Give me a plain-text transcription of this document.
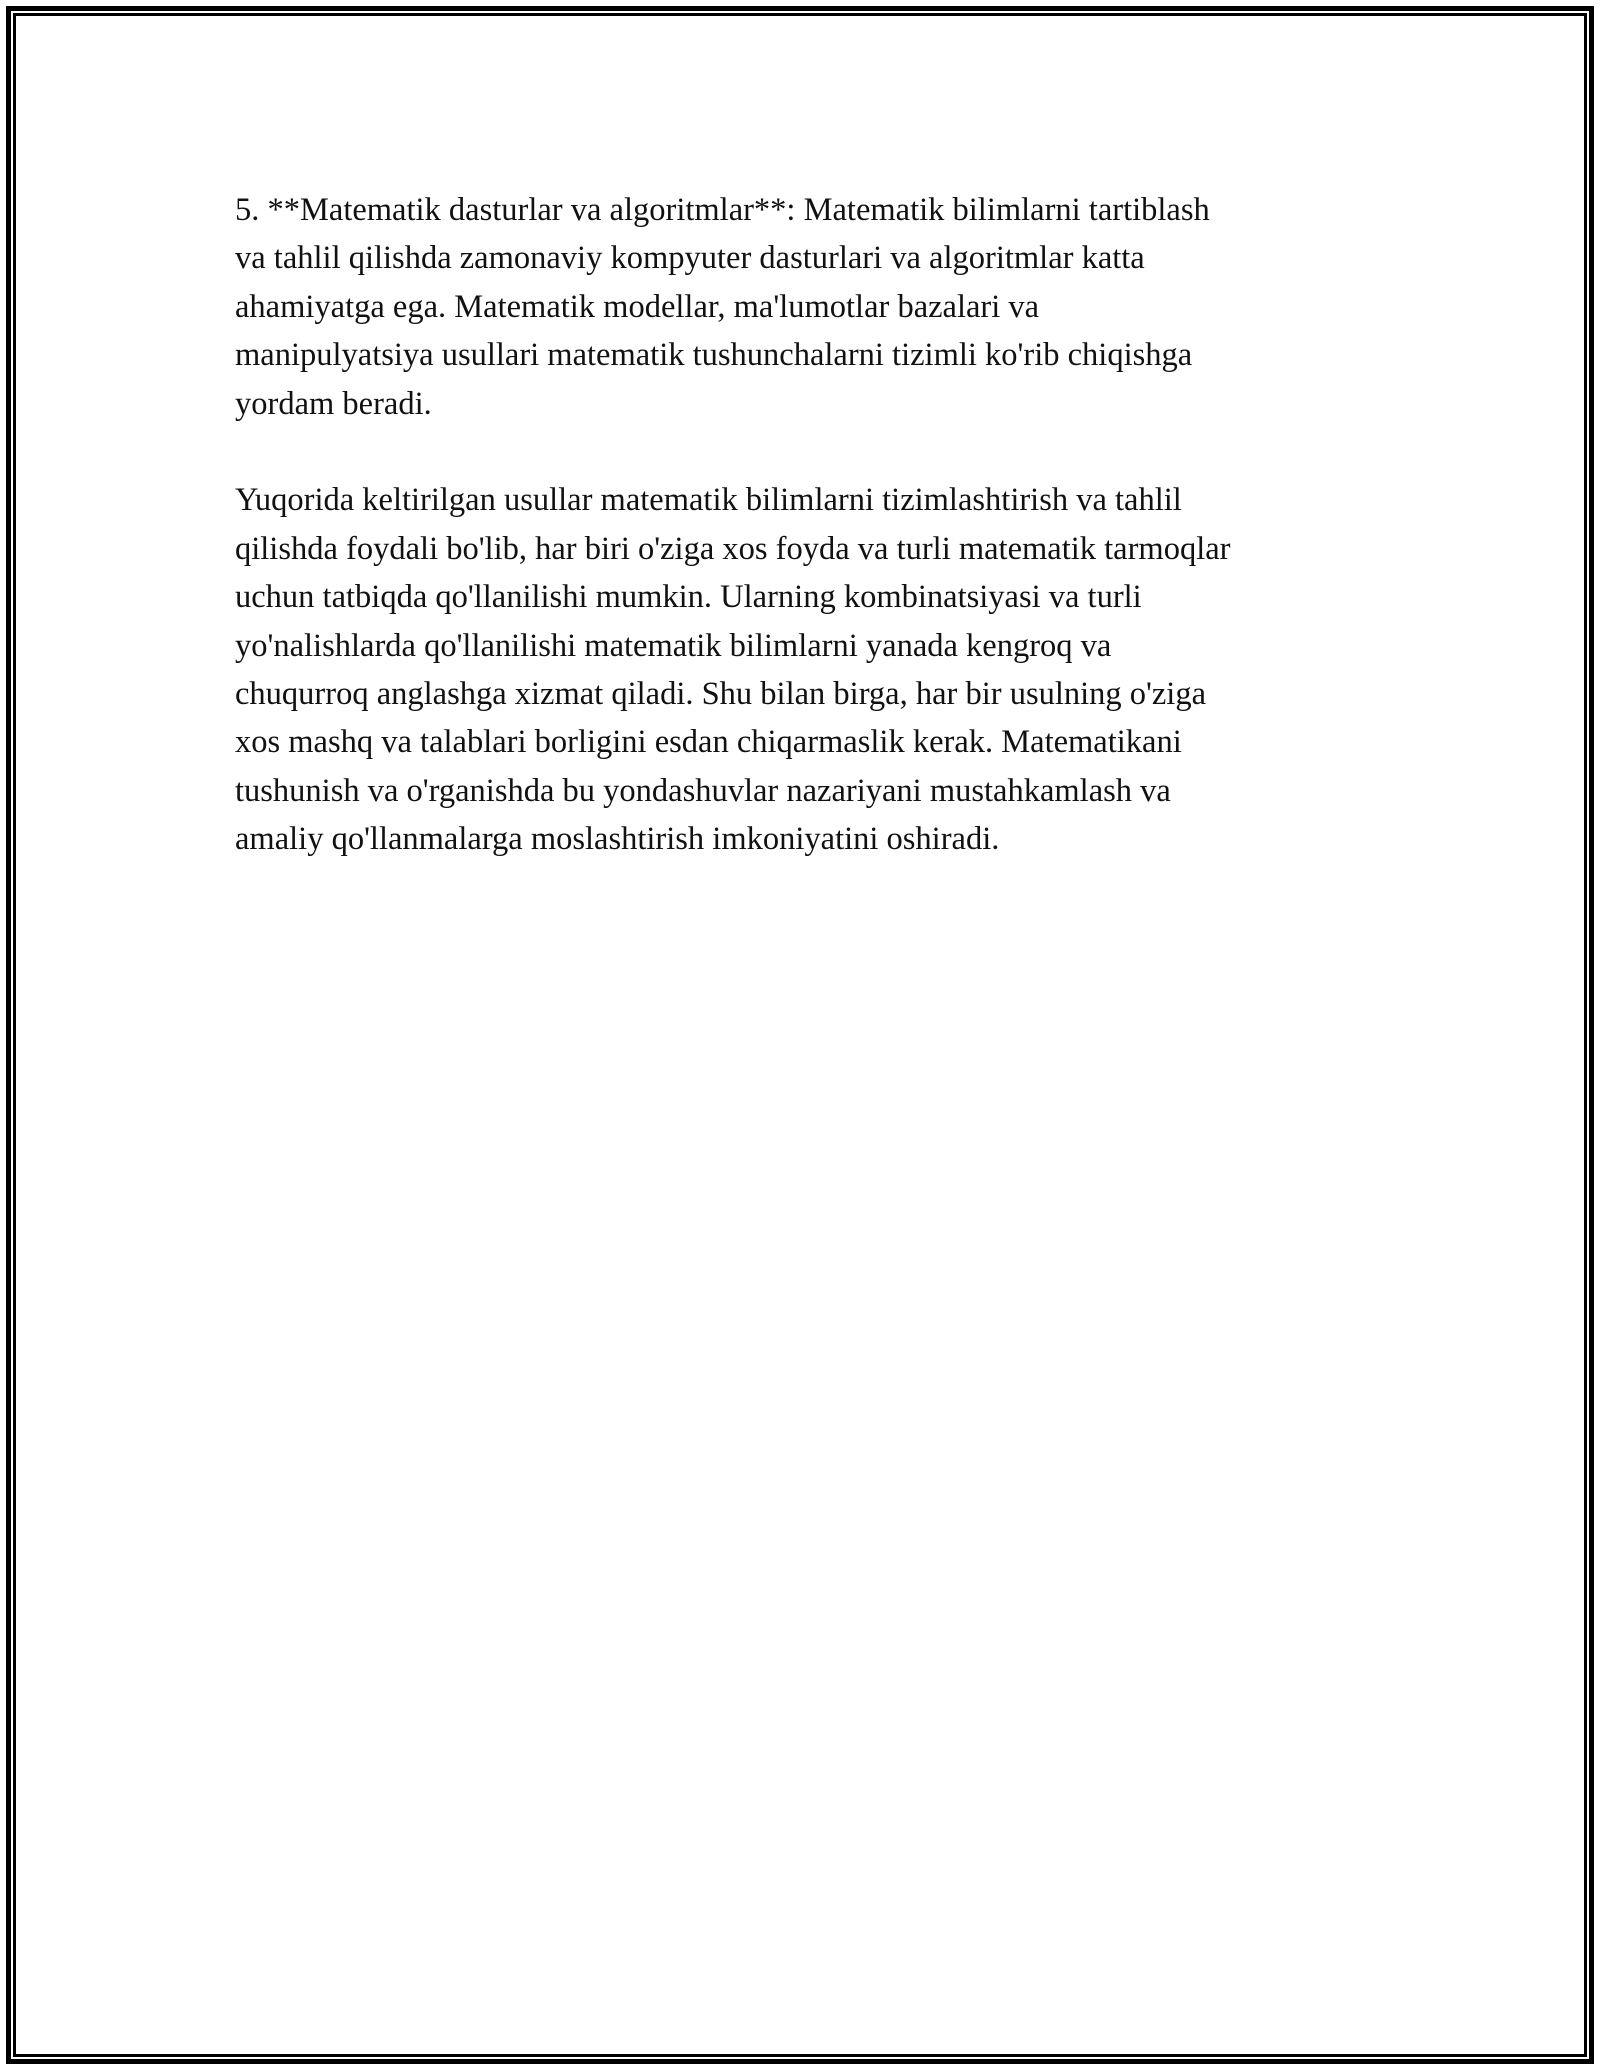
5. **Matematik dasturlar va algoritmlar**: Matematik bilimlarni tartiblash
va tahlil qilishda zamonaviy kompyuter dasturlari va algoritmlar katta
ahamiyatga ega. Matematik modellar, ma'lumotlar bazalari va
manipulyatsiya usullari matematik tushunchalarni tizimli ko'rib chiqishga
yordam beradi.

Yuqorida keltirilgan usullar matematik bilimlarni tizimlashtirish va tahlil
qilishda foydali bo'lib, har biri o'ziga xos foyda va turli matematik tarmoqlar
uchun tatbiqda qo'llanilishi mumkin. Ularning kombinatsiyasi va turli
yo'nalishlarda qo'llanilishi matematik bilimlarni yanada kengroq va
chuqurroq anglashga xizmat qiladi. Shu bilan birga, har bir usulning o'ziga
xos mashq va talablari borligini esdan chiqarmaslik kerak. Matematikani
tushunish va o'rganishda bu yondashuvlar nazariyani mustahkamlash va
amaliy qo'llanmalarga moslashtirish imkoniyatini oshiradi.
